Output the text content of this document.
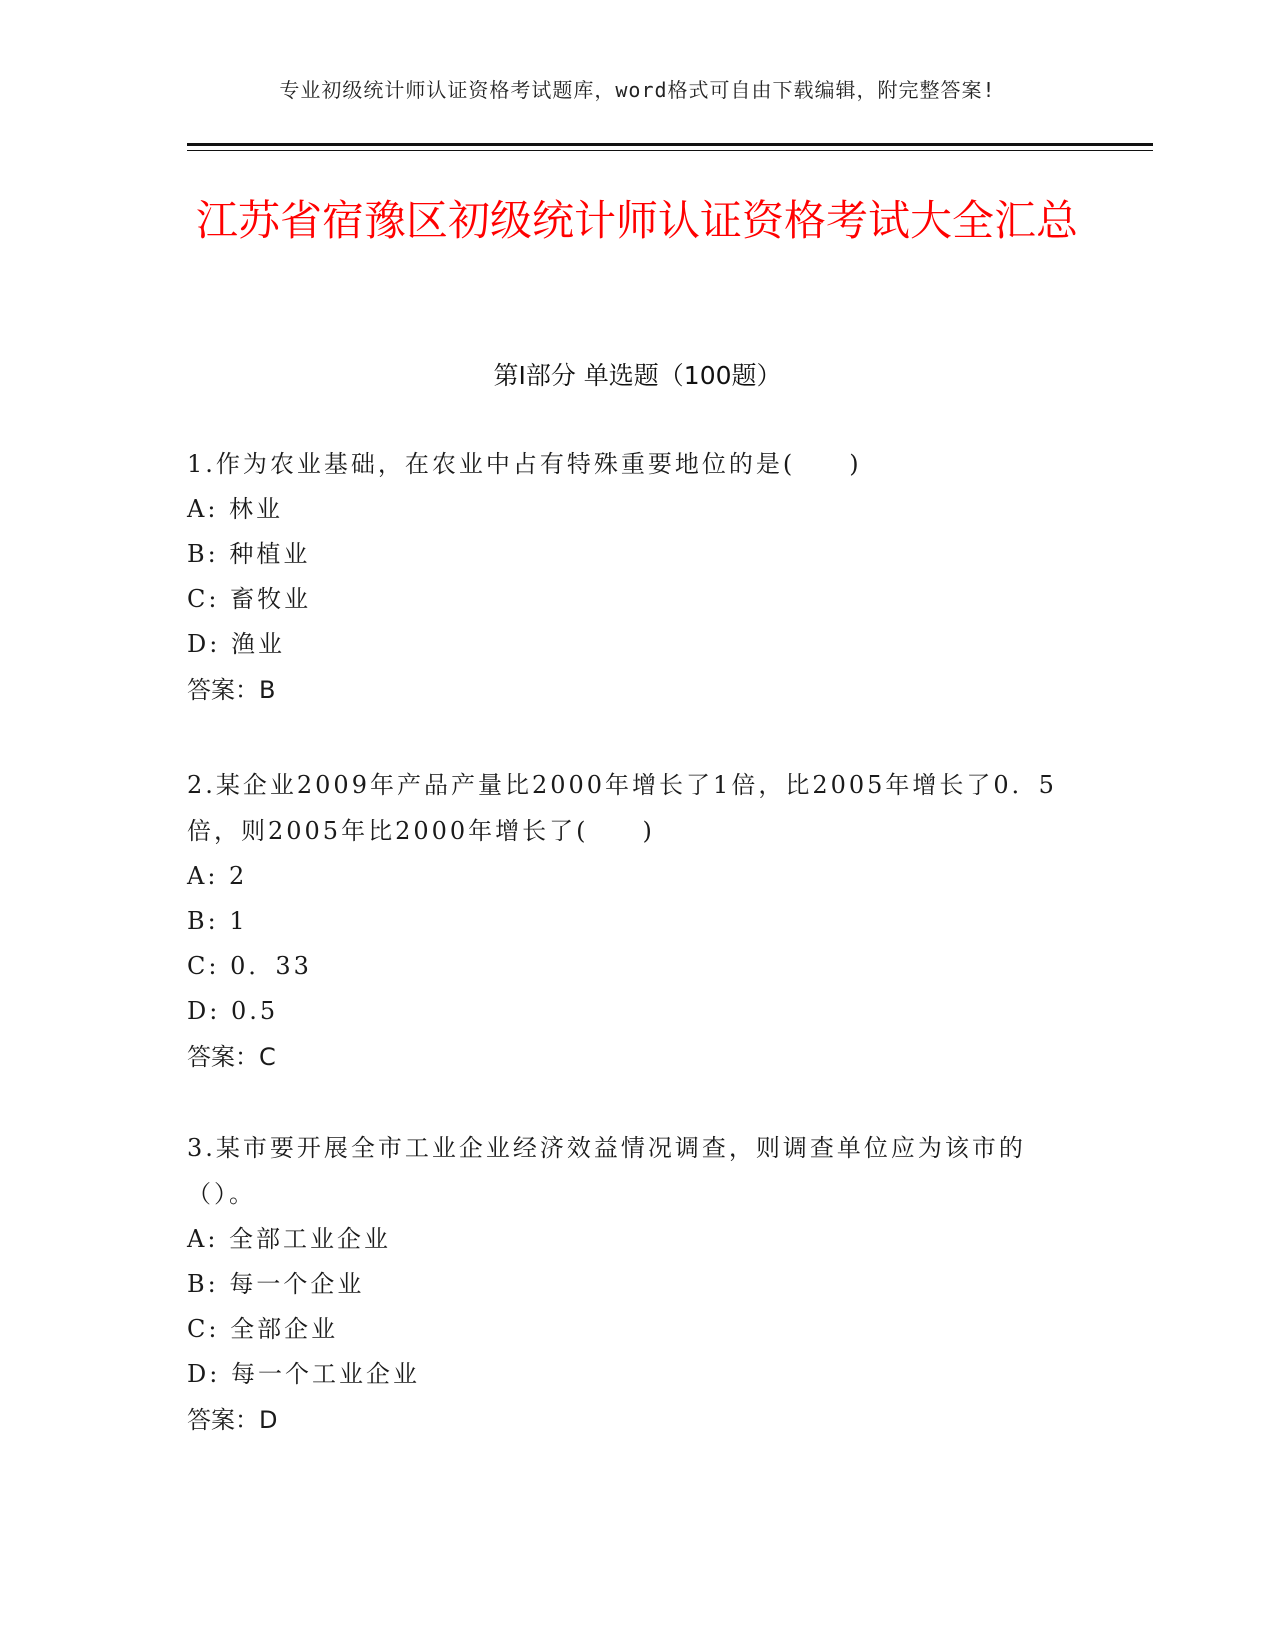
专业初级统计师认证资格考试题库，word格式可自由下载编辑，附完整答案!
江苏省宿豫区初级统计师认证资格考试大全汇总
第Ⅰ部分 单选题（100题）

1.作为农业基础，在农业中占有特殊重要地位的是(　　)

A: 林业

B: 种植业

C: 畜牧业

D: 渔业

答案：B

2.某企业2009年产品产量比2000年增长了1倍，比2005年增长了0．5倍，则2005年比2000年增长了(　　)

A: 2

B: 1

C: 0．33

D: 0.5

答案：C

3.某市要开展全市工业企业经济效益情况调查，则调查单位应为该市的（）。

A: 全部工业企业

B: 每一个企业

C: 全部企业

D: 每一个工业企业

答案：D
